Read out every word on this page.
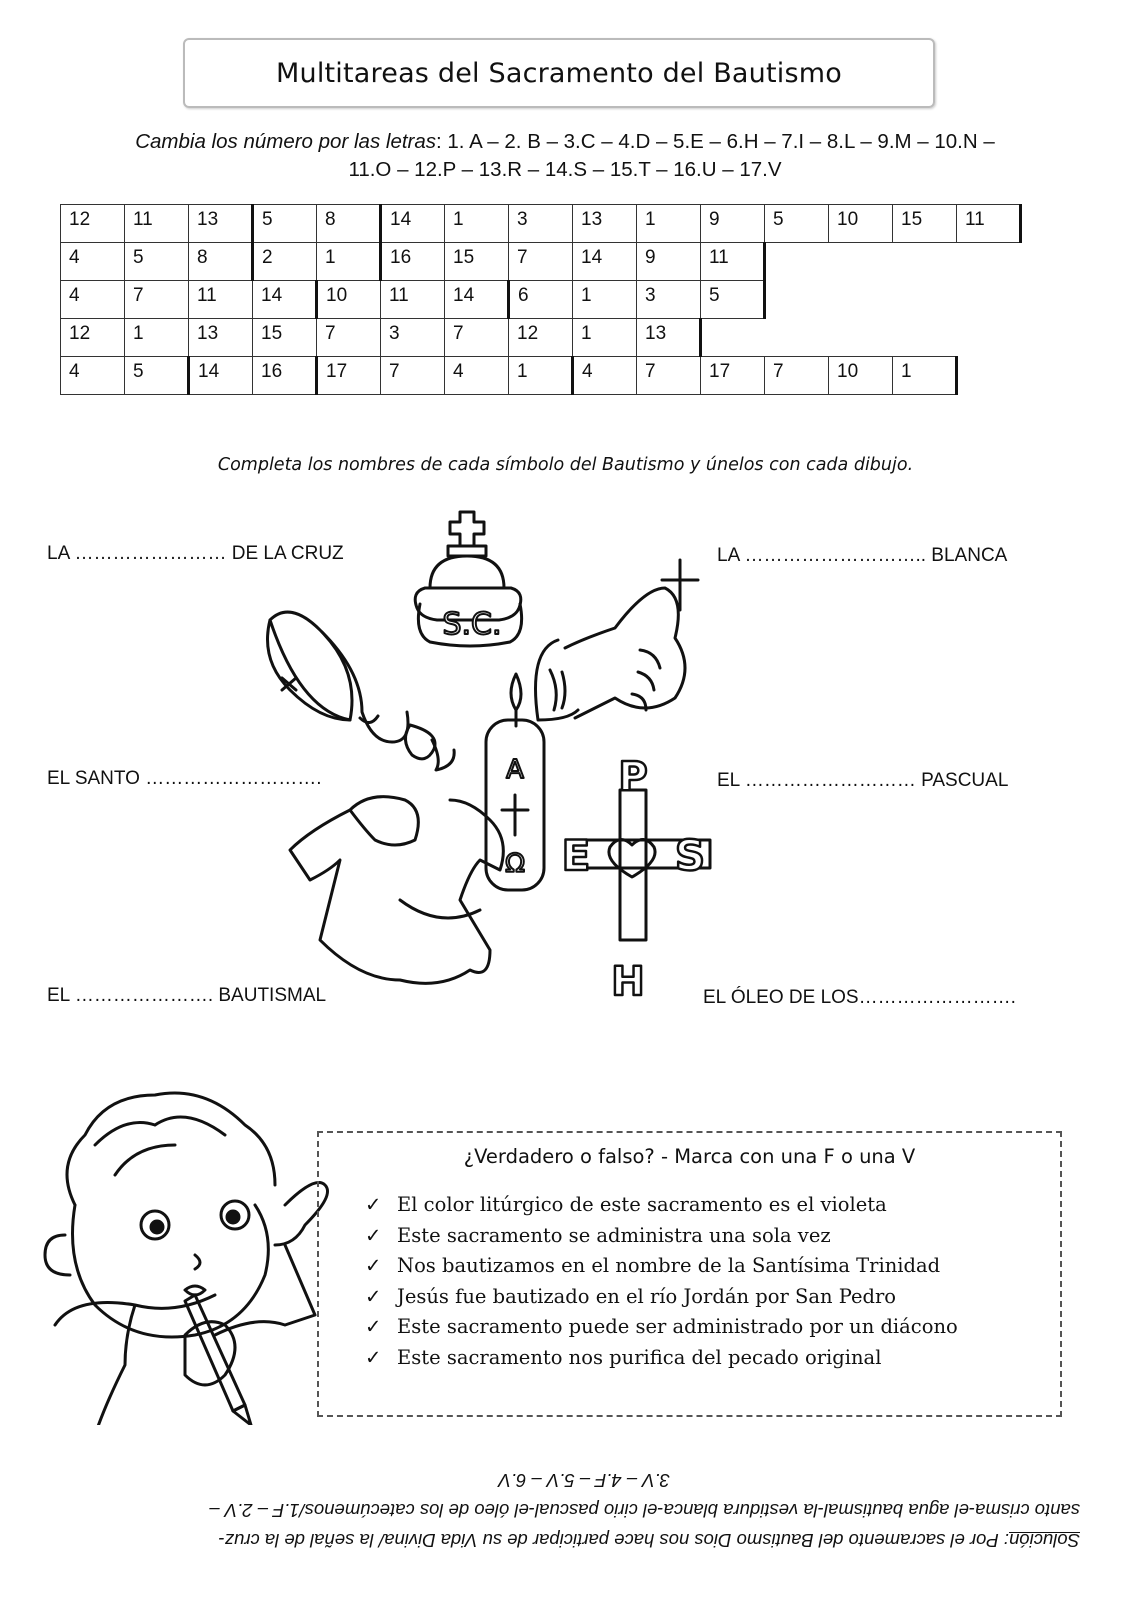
Multitareas del Sacramento del Bautismo
Cambia los número por las letras: 1. A – 2. B – 3.C – 4.D – 5.E – 6.H – 7.I – 8.L – 9.M – 10.N –
11.O – 12.P – 13.R – 14.S – 15.T – 16.U – 17.V
12	11	13	5	8	14	1	3	13	1	9	5	10	15	11
4	5	8	2	1	16	15	7	14	9	11				
4	7	11	14	10	11	14	6	1	3	5				
12	1	13	15	7	3	7	12	1	13					
4	5	14	16	17	7	4	1	4	7	17	7	10	1	
Completa los nombres de cada símbolo del Bautismo y únelos con cada dibujo.
LA …………………… DE LA CRUZ	LA ……………………….. BLANCA
EL SANTO ……………………….	EL ……………………… PASCUAL
EL …………………. BAUTISMAL	EL ÓLEO DE LOS…………………….
S.C.
A
Ω
P
E S
H
¿Verdadero o falso? - Marca con una F o una V
✓ El color litúrgico de este sacramento es el violeta
✓ Este sacramento se administra una sola vez
✓ Nos bautizamos en el nombre de la Santísima Trinidad
✓ Jesús fue bautizado en el río Jordán por San Pedro
✓ Este sacramento puede ser administrado por un diácono
✓ Este sacramento nos purifica del pecado original

Solución: Por el sacramento del Bautismo Dios nos hace participar de su Vida Divina/ la señal de la cruz-

santo crisma-el agua bautismal-la vestidura blanca-el cirio pascual-el óleo de los catecúmenos/1.F – 2.V –

3.V – 4.F – 5.V – 6.V
